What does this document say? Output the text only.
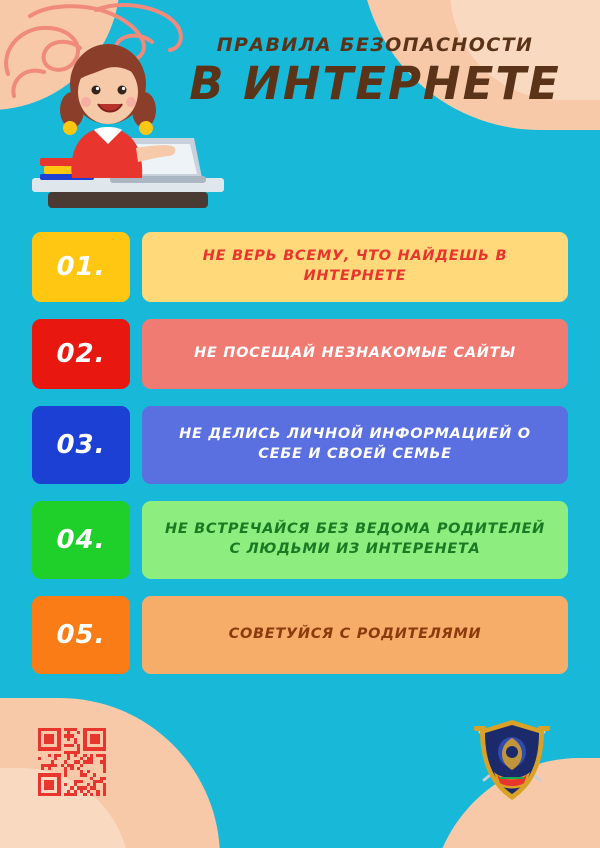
ПРАВИЛА БЕЗОПАСНОСТИ
В ИНТЕРНЕТЕ
01.	НЕ ВЕРЬ ВСЕМУ, ЧТО НАЙДЕШЬ В ИНТЕРНЕТЕ
02.	НЕ ПОСЕЩАЙ НЕЗНАКОМЫЕ САЙТЫ
03.	НЕ ДЕЛИСЬ ЛИЧНОЙ ИНФОРМАЦИЕЙ О СЕБЕ И СВОЕЙ СЕМЬЕ
04.	НЕ ВСТРЕЧАЙСЯ БЕЗ ВЕДОМА РОДИТЕЛЕЙ С ЛЮДЬМИ ИЗ ИНТЕРЕНЕТА
05.	СОВЕТУЙСЯ С РОДИТЕЛЯМИ
